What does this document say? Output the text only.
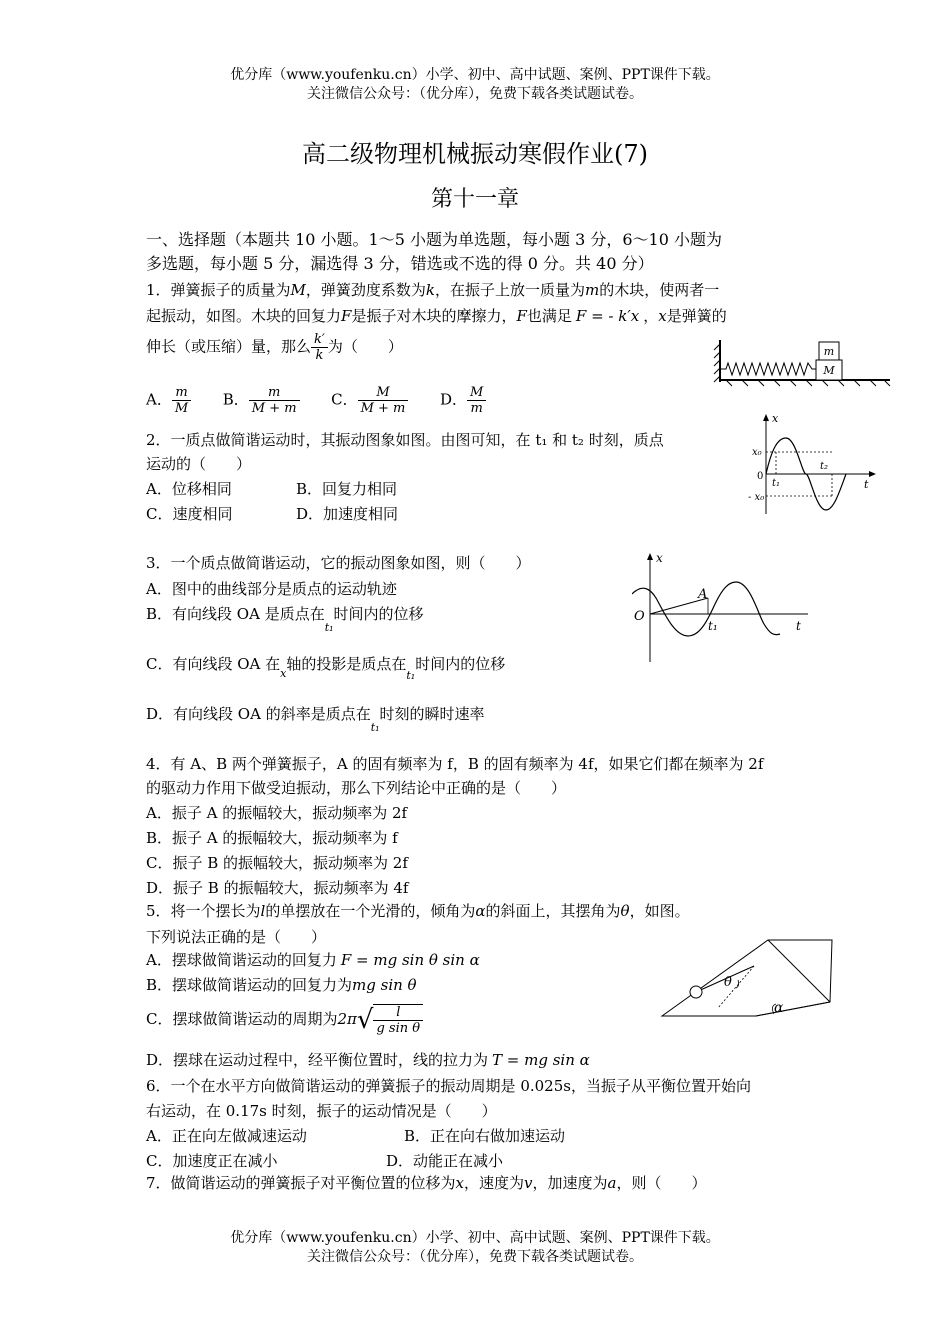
优分库（www.youfenku.cn）小学、初中、高中试题、案例、PPT课件下载。
关注微信公众号：（优分库），免费下载各类试题试卷。
高二级物理机械振动寒假作业(7)
第十一章
一、选择题（本题共 10 小题。1～5 小题为单选题，每小题 3 分，6～10 小题为
多选题，每小题 5 分，漏选得 3 分，错选或不选的得 0 分。共 40 分）
1．弹簧振子的质量为M，弹簧劲度系数为k，在振子上放一质量为m的木块，使两者一
起振动，如图。木块的回复力F是振子对木块的摩擦力，F也满足 F = - k′x ，x是弹簧的
伸长（或压缩）量，那么 $\frac{k'}{k}$ 为（　　）
A． $\frac{m}{M}$ B． $\frac{m}{M + m}$ C． $\frac{M}{M + m}$ D． $\frac{M}{m}$
m
M
2．一质点做简谐运动时，其振动图象如图。由图可知，在 t₁ 和 t₂ 时刻，质点
运动的（　　）
A．位移相同	B．回复力相同
C．速度相同	D．加速度相同
x
x₀
0
- x₀
t
t₁
t₂
3．一个质点做简谐运动，它的振动图象如图，则（　　）
A．图中的曲线部分是质点的运动轨迹
B．有向线段 OA 是质点在$_{t_1}$时间内的位移
C．有向线段 OA 在$_x$轴的投影是质点在$_{t_1}$时间内的位移
D．有向线段 OA 的斜率是质点在$_{t_1}$时刻的瞬时速率
x
O
A
t₁	t
4．有 A、B 两个弹簧振子，A 的固有频率为 f，B 的固有频率为 4f，如果它们都在频率为 2f
的驱动力作用下做受迫振动，那么下列结论中正确的是（　　）
A．振子 A 的振幅较大，振动频率为 2f
B．振子 A 的振幅较大，振动频率为 f
C．振子 B 的振幅较大，振动频率为 2f
D．振子 B 的振幅较大，振动频率为 4f
5．将一个摆长为l的单摆放在一个光滑的，倾角为α的斜面上，其摆角为θ，如图。
下列说法正确的是（　　）
A．摆球做简谐运动的回复力 F = mg sin θ sin α
B．摆球做简谐运动的回复力为mg sin θ
C．摆球做简谐运动的周期为$2\pi√ \frac{l}{\text{g sin θ}}$
D．摆球在运动过程中，经平衡位置时，线的拉力为 T = mg sin α
θ
α
6．一个在水平方向做简谐运动的弹簧振子的振动周期是 0.025s，当振子从平衡位置开始向
右运动，在 0.17s 时刻，振子的运动情况是（　　）
A．正在向左做减速运动	B．正在向右做加速运动
C．加速度正在减小	D．动能正在减小
7．做简谐运动的弹簧振子对平衡位置的位移为x，速度为v，加速度为a，则（　　）
优分库（www.youfenku.cn）小学、初中、高中试题、案例、PPT课件下载。
关注微信公众号：（优分库），免费下载各类试题试卷。
